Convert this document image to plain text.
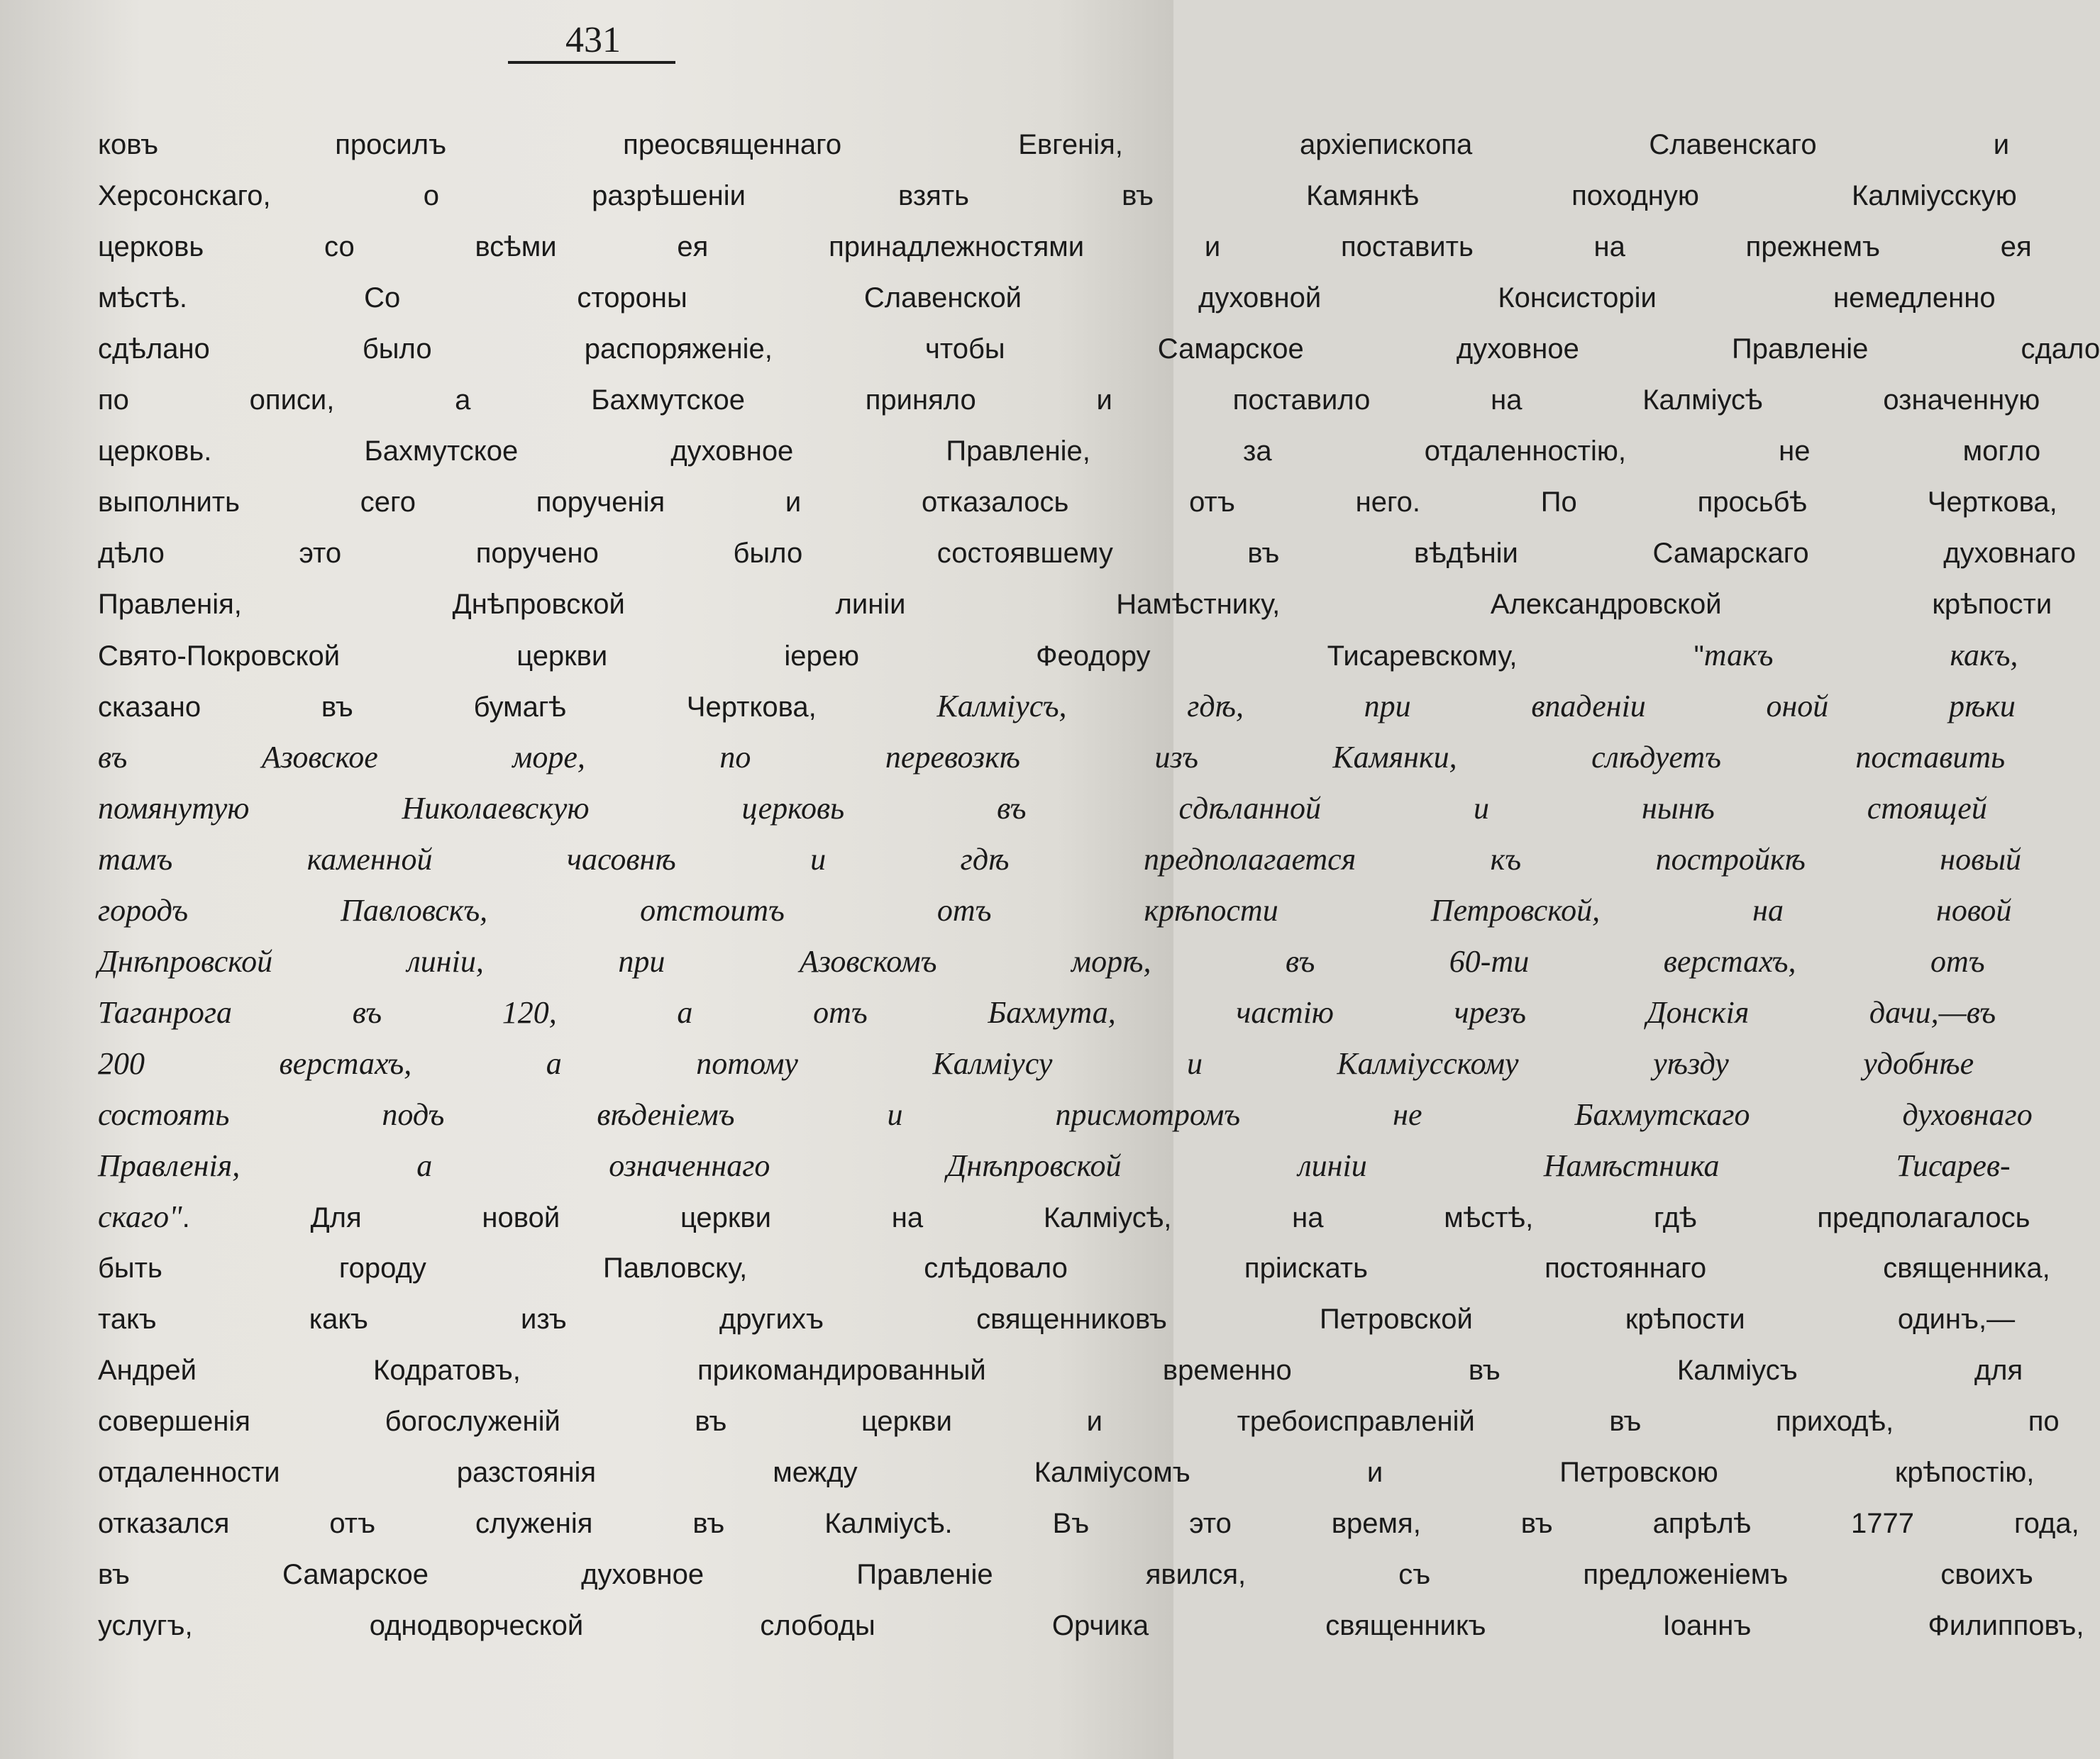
431
ковъ просилъ преосвященнаго Евгенія, архіепископа Славенскаго и
Херсонскаго, о разрѣшеніи взять въ Камянкѣ походную Калміусскую
церковь со всѣми ея принадлежностями и поставить на прежнемъ ея
мѣстѣ. Со стороны Славенской духовной Консисторіи немедленно
сдѣлано было распоряженіе, чтобы Самарское духовное Правленіе сдало
по описи, а Бахмутское приняло и поставило на Калміусѣ означенную
церковь. Бахмутское духовное Правленіе, за отдаленностію, не могло
выполнить сего порученія и отказалось отъ него. По просьбѣ Черткова,
дѣло это поручено было состоявшему въ вѣдѣніи Самарскаго духовнаго
Правленія, Днѣпровской линіи Намѣстнику, Александровской крѣпости
Свято-Покровской церкви іерею Феодору Тисаревскому, "такъ какъ,
сказано въ бумагѣ Черткова, Калміусъ, гдѣ, при впаденіи оной рѣки
въ Азовское море, по перевозкѣ изъ Камянки, слѣдуетъ поставить
помянутую Николаевскую церковь въ сдѣланной и нынѣ стоящей
тамъ каменной часовнѣ и гдѣ предполагается къ постройкѣ новый
городъ Павловскъ, отстоитъ отъ крѣпости Петровской, на новой
Днѣпровской линіи, при Азовскомъ морѣ, въ 60-ти верстахъ, отъ
Таганрога въ 120, а отъ Бахмута, частію чрезъ Донскія дачи,—въ
200 верстахъ, а потому Калміусу и Калміусскому уѣзду удобнѣе
состоять подъ вѣденіемъ и присмотромъ не Бахмутскаго духовнаго
Правленія, а означеннаго Днѣпровской линіи Намѣстника Тисарев-
скаго". Для новой церкви на Калміусѣ, на мѣстѣ, гдѣ предполагалось
быть городу Павловску, слѣдовало пріискать постояннаго священника,
такъ какъ изъ другихъ священниковъ Петровской крѣпости одинъ,—
Андрей Кодратовъ, прикомандированный временно въ Калміусъ для
совершенія богослуженій въ церкви и требоисправленій въ приходѣ, по
отдаленности разстоянія между Калміусомъ и Петровскою крѣпостію,
отказался отъ служенія въ Калміусѣ. Въ это время, въ апрѣлѣ 1777 года,
въ Самарское духовное Правленіе явился, съ предложеніемъ своихъ
услугъ, однодворческой слободы Орчика священникъ Іоаннъ Филипповъ,
